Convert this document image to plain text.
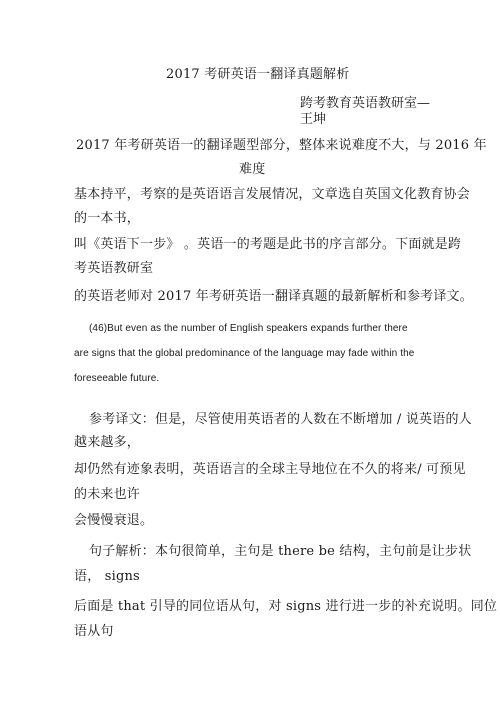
2017 考研英语一翻译真题解析
跨考教育英语教研室—
王坤
2017 年考研英语一的翻译题型部分，整体来说难度不大，与 2016 年
难度
基本持平，考察的是英语语言发展情况，文章选自英国文化教育协会
的一本书，
叫《英语下一步》 。英语一的考题是此书的序言部分。下面就是跨
考英语教研室
的英语老师对 2017 年考研英语一翻译真题的最新解析和参考译文。
(46)But even as the number of English speakers expands further there
are signs that the global predominance of the language may fade within the
foreseeable future.
参考译文：但是，尽管使用英语者的人数在不断增加 / 说英语的人
越来越多，
却仍然有迹象表明，英语语言的全球主导地位在不久的将来/ 可预见
的未来也许
会慢慢衰退。
句子解析：本句很简单，主句是 there be 结构，主句前是让步状
语， signs
后面是 that 引导的同位语从句，对 signs 进行进一步的补充说明。同位
语从句
